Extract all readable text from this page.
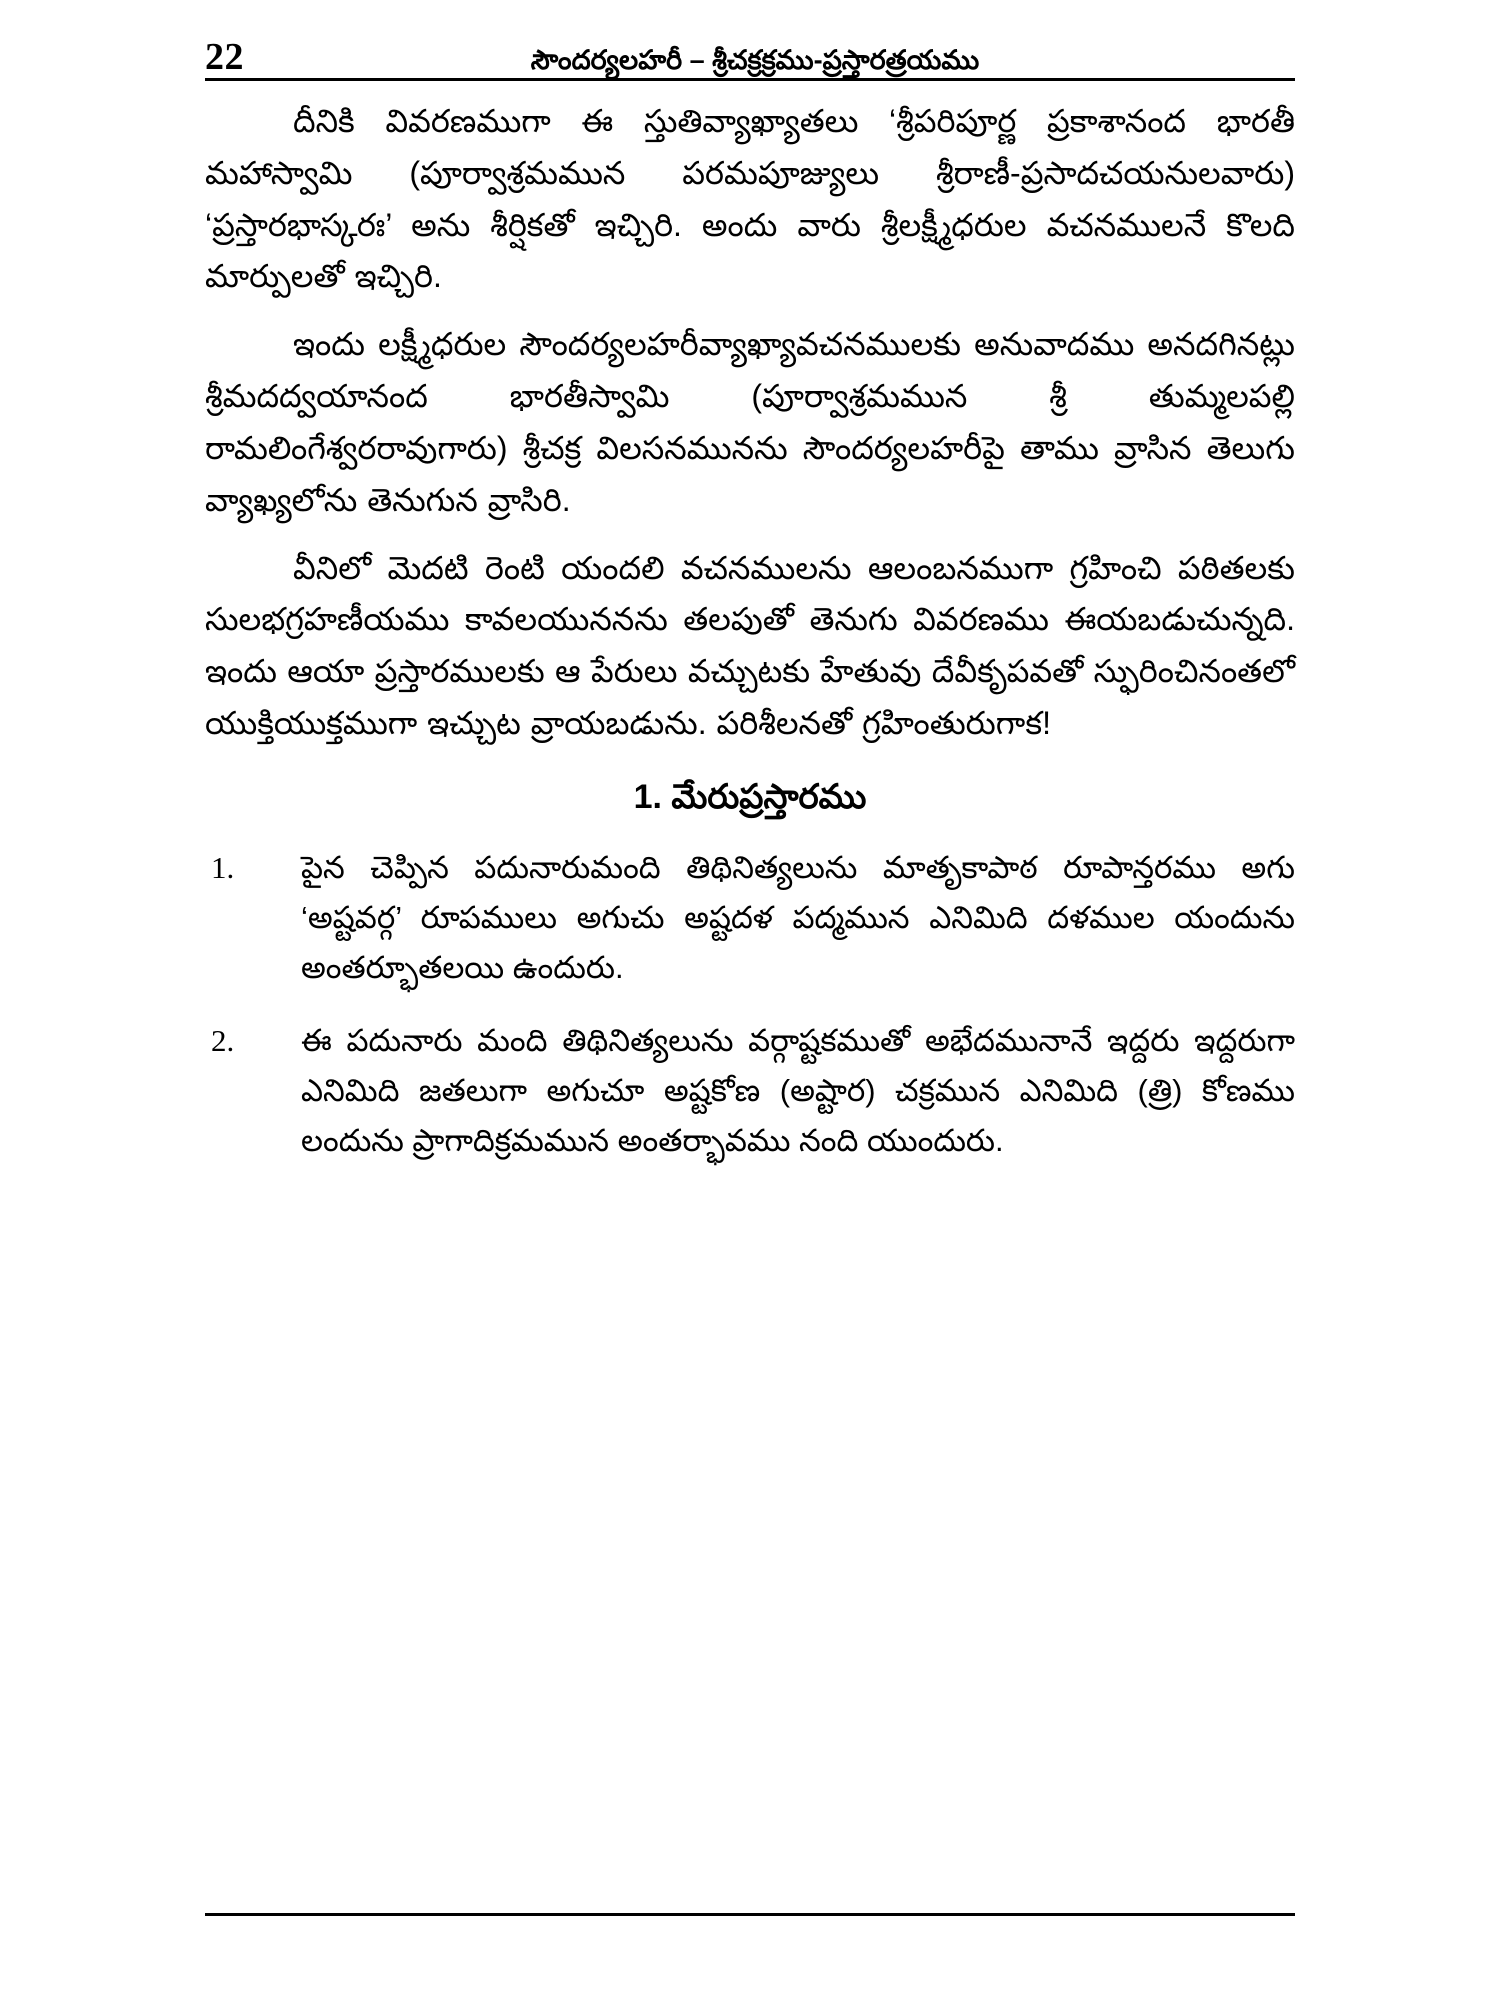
22	సౌందర్యలహరీ – శ్రీచక్రక్రము-ప్రస్తారత్రయము

దీనికి వివరణముగా ఈ స్తుతివ్యాఖ్యాతలు ‘శ్రీపరిపూర్ణ ప్రకాశానంద భారతీ మహాస్వామి (పూర్వాశ్రమమున పరమపూజ్యులు శ్రీరాణీ-ప్రసాదచయనులవారు) ‘ప్రస్తారభాస్కరః’ అను శీర్షికతో ఇచ్చిరి. అందు వారు శ్రీలక్ష్మీధరుల వచనములనే కొలది మార్పులతో ఇచ్చిరి.

ఇందు లక్ష్మీధరుల సౌందర్యలహరీవ్యాఖ్యావచనములకు అనువాదము అనదగినట్లు శ్రీమదద్వయానంద భారతీస్వామి (పూర్వాశ్రమమున శ్రీ తుమ్మలపల్లి రామలింగేశ్వరరావుగారు) శ్రీచక్ర విలసనమునను సౌందర్యలహరీపై తాము వ్రాసిన తెలుగు వ్యాఖ్యలోను తెనుగున వ్రాసిరి.

వీనిలో వెుదటి రెంటి యందలి వచనములను ఆలంబనముగా గ్రహించి పఠితలకు సులభగ్రహణీయము కావలయుననను తలపుతో తెనుగు వివరణము ఈయబడుచున్నది. ఇందు ఆయా ప్రస్తారములకు ఆ పేరులు వచ్చుటకు హేతువు దేవీకృపవతో స్ఫురించినంతలో యుక్తియుక్తముగా ఇచ్చుట వ్రాయబడును. పరిశీలనతో గ్రహింతురుగాక!

1. మేరుప్రస్తారము
1.	పైన చెప్పిన పదునారుమంది తిథినిత్యలును మాతృకాపాఠ రూపాన్తరము అగు ‘అష్టవర్గ’ రూపములు అగుచు అష్టదళ పద్మమున ఎనిమిది దళముల యందును అంతర్భూతలయి ఉందురు.
2.	ఈ పదునారు మంది తిథినిత్యలును వర్గాష్టకముతో అభేదమునానే ఇద్దరు ఇద్దరుగా ఎనిమిది జతలుగా అగుచూ అష్టకోణ (అష్టార) చక్రమున ఎనిమిది (త్రి) కోణము లందును ప్రాగాదిక్రమమున అంతర్భావము నంది యుందురు.
